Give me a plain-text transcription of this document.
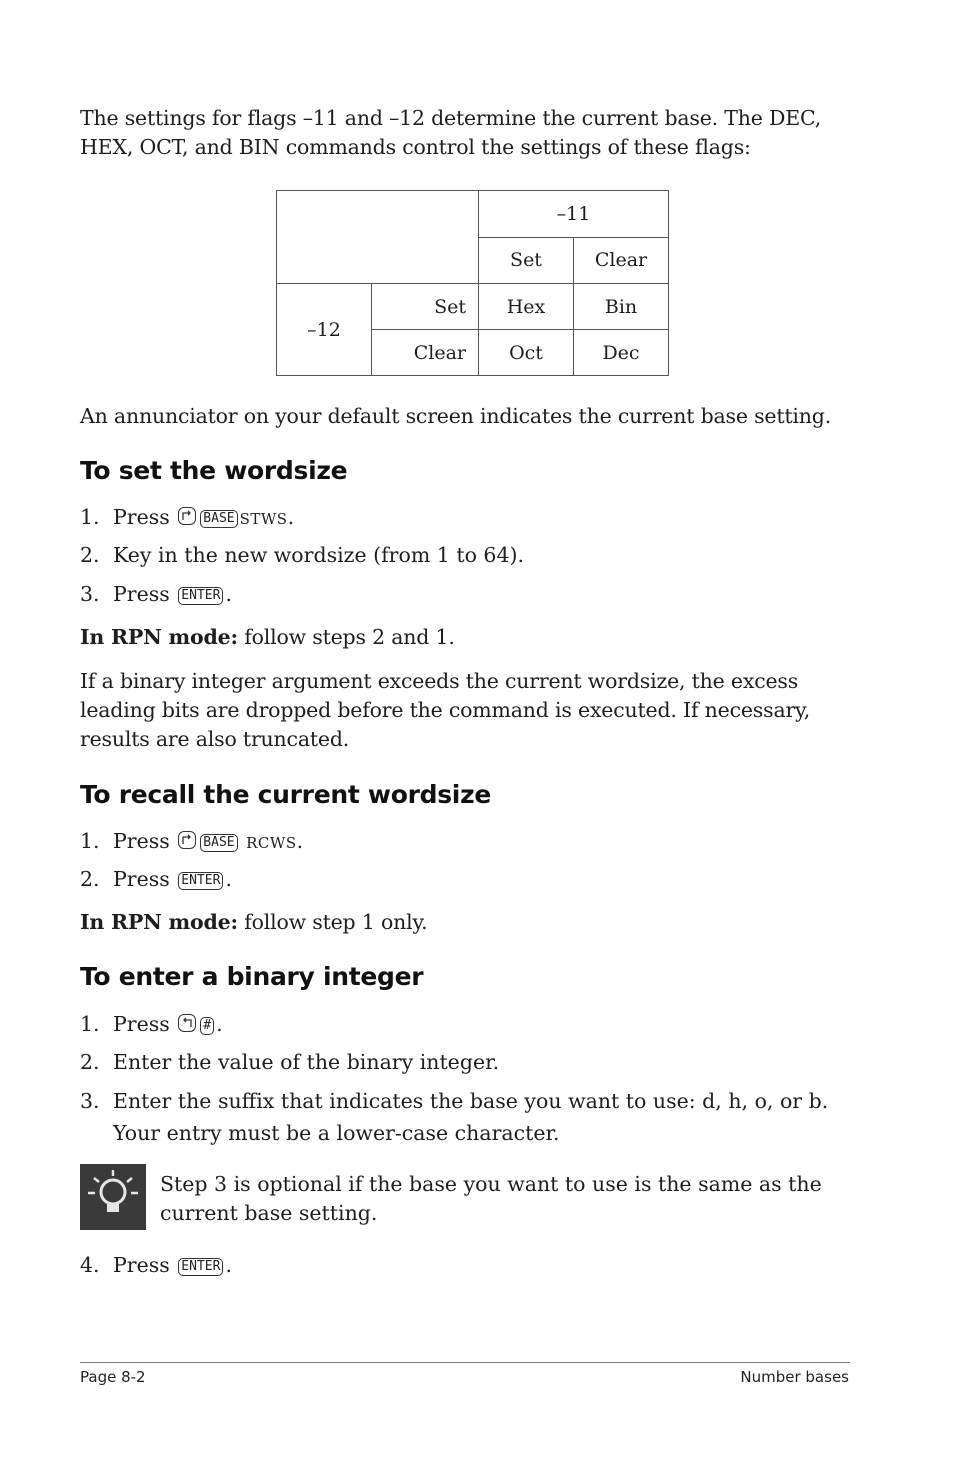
The settings for flags –11 and –12 determine the current base. The DEC, HEX, OCT, and BIN commands control the settings of these flags:

		–11	
		Set	Clear
–12	Set	Hex	Bin
	Clear	Oct	Dec

An annunciator on your default screen indicates the current base setting.

To set the wordsize
1. Press	BASE STWS.
2. Key in the new wordsize (from 1 to 64).
3. Press ENTER .

In RPN mode: follow steps 2 and 1.

If a binary integer argument exceeds the current wordsize, the excess leading bits are dropped before the command is executed. If necessary, results are also truncated.

To recall the current wordsize
1. Press	BASE RCWS.
2. Press ENTER .

In RPN mode: follow step 1 only.

To enter a binary integer
1. Press	# .
2. Enter the value of the binary integer.
3. Enter the suffix that indicates the base you want to use: d, h, o, or b.
Your entry must be a lower-case character.
Step 3 is optional if the base you want to use is the same as the current base setting.
4. Press ENTER .
Page 8-2	Number bases
